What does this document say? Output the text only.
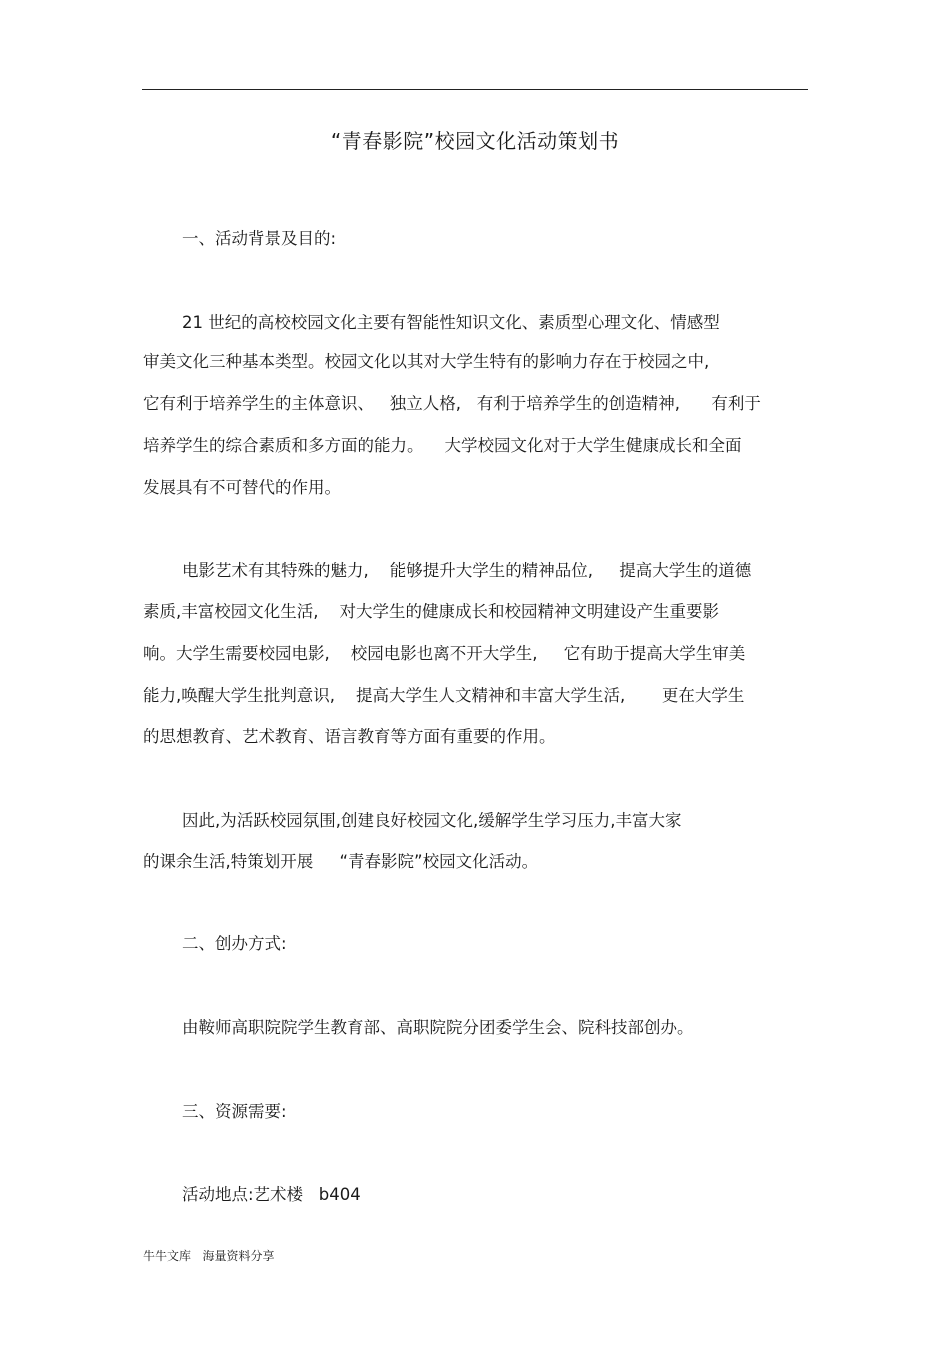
“青春影院”校园文化活动策划书
一、活动背景及目的:
21 世纪的高校校园文化主要有智能性知识文化、素质型心理文化、情感型
审美文化三种基本类型。校园文化以其对大学生特有的影响力存在于校园之中,
它有利于培养学生的主体意识、   独立人格,   有利于培养学生的创造精神,      有利于
培养学生的综合素质和多方面的能力。    大学校园文化对于大学生健康成长和全面
发展具有不可替代的作用。
电影艺术有其特殊的魅力,    能够提升大学生的精神品位,     提高大学生的道德
素质,丰富校园文化生活,    对大学生的健康成长和校园精神文明建设产生重要影
响。大学生需要校园电影,    校园电影也离不开大学生,     它有助于提高大学生审美
能力,唤醒大学生批判意识,    提高大学生人文精神和丰富大学生活,       更在大学生
的思想教育、艺术教育、语言教育等方面有重要的作用。
因此,为活跃校园氛围,创建良好校园文化,缓解学生学习压力,丰富大家
的课余生活,特策划开展     “青春影院”校园文化活动。
二、创办方式:
由鞍师高职院院学生教育部、高职院院分团委学生会、院科技部创办。
三、资源需要:
活动地点:艺术楼   b404
牛牛文库   海量资料分享
